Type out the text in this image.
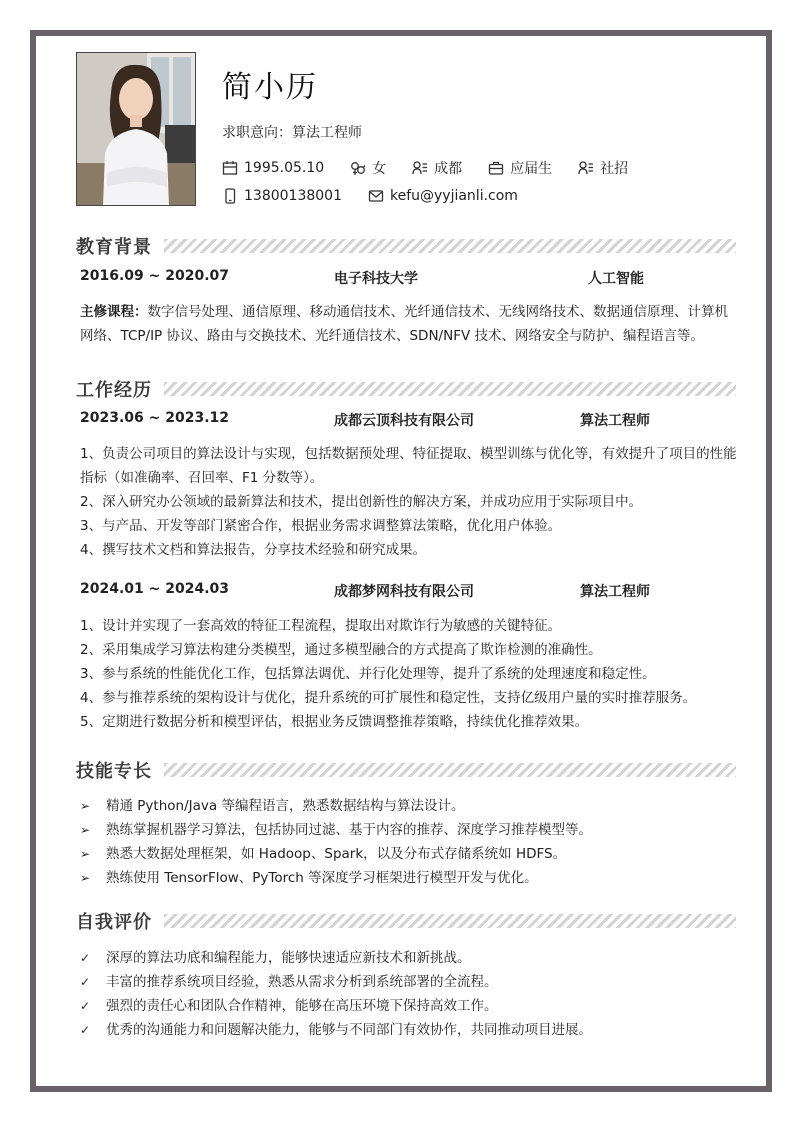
简小历
求职意向：算法工程师
1995.05.10	女	成都	应届生	社招
13800138001	kefu@yyjianli.com
教育背景
2016.09 ~ 2020.07	电子科技大学	人工智能
主修课程：数字信号处理、通信原理、移动通信技术、光纤通信技术、无线网络技术、数据通信原理、计算机网络、TCP/IP 协议、路由与交换技术、光纤通信技术、SDN/NFV 技术、网络安全与防护、编程语言等。
工作经历
2023.06 ~ 2023.12	成都云顶科技有限公司	算法工程师
1、负责公司项目的算法设计与实现，包括数据预处理、特征提取、模型训练与优化等，有效提升了项目的性能指标（如准确率、召回率、F1 分数等）。
2、深入研究办公领域的最新算法和技术，提出创新性的解决方案，并成功应用于实际项目中。
3、与产品、开发等部门紧密合作，根据业务需求调整算法策略，优化用户体验。
4、撰写技术文档和算法报告，分享技术经验和研究成果。
2024.01 ~ 2024.03	成都梦网科技有限公司	算法工程师
1、设计并实现了一套高效的特征工程流程，提取出对欺诈行为敏感的关键特征。
2、采用集成学习算法构建分类模型，通过多模型融合的方式提高了欺诈检测的准确性。
3、参与系统的性能优化工作，包括算法调优、并行化处理等，提升了系统的处理速度和稳定性。
4、参与推荐系统的架构设计与优化，提升系统的可扩展性和稳定性，支持亿级用户量的实时推荐服务。
5、定期进行数据分析和模型评估，根据业务反馈调整推荐策略，持续优化推荐效果。
技能专长
➢	精通 Python/Java 等编程语言，熟悉数据结构与算法设计。
➢	熟练掌握机器学习算法，包括协同过滤、基于内容的推荐、深度学习推荐模型等。
➢	熟悉大数据处理框架，如 Hadoop、Spark，以及分布式存储系统如 HDFS。
➢	熟练使用 TensorFlow、PyTorch 等深度学习框架进行模型开发与优化。
自我评价
✓	深厚的算法功底和编程能力，能够快速适应新技术和新挑战。
✓	丰富的推荐系统项目经验，熟悉从需求分析到系统部署的全流程。
✓	强烈的责任心和团队合作精神，能够在高压环境下保持高效工作。
✓	优秀的沟通能力和问题解决能力，能够与不同部门有效协作，共同推动项目进展。
